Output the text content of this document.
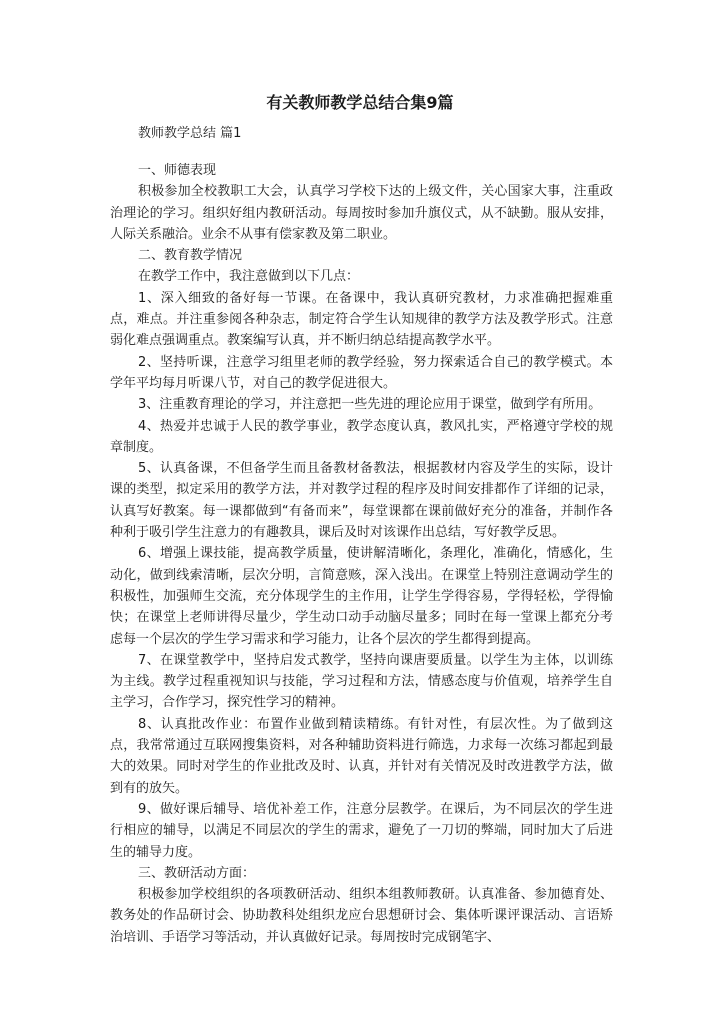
有关教师教学总结合集9篇
教师教学总结 篇1

一、师德表现

积极参加全校教职工大会，认真学习学校下达的上级文件，关心国家大事，注重政治理论的学习。组织好组内教研活动。每周按时参加升旗仪式，从不缺勤。服从安排，人际关系融洽。业余不从事有偿家教及第二职业。

二、教育教学情况

在教学工作中，我注意做到以下几点：

1、深入细致的备好每一节课。在备课中，我认真研究教材，力求准确把握难重点，难点。并注重参阅各种杂志，制定符合学生认知规律的教学方法及教学形式。注意弱化难点强调重点。教案编写认真，并不断归纳总结提高教学水平。

2、坚持听课，注意学习组里老师的教学经验，努力探索适合自己的教学模式。本学年平均每月听课八节，对自己的教学促进很大。

3、注重教育理论的学习，并注意把一些先进的理论应用于课堂，做到学有所用。

4、热爱并忠诚于人民的教学事业，教学态度认真，教风扎实，严格遵守学校的规章制度。

5、认真备课，不但备学生而且备教材备教法，根据教材内容及学生的实际，设计课的类型，拟定采用的教学方法，并对教学过程的程序及时间安排都作了详细的记录，认真写好教案。每一课都做到“有备而来”，每堂课都在课前做好充分的准备，并制作各种利于吸引学生注意力的有趣教具，课后及时对该课作出总结，写好教学反思。

6、增强上课技能，提高教学质量，使讲解清晰化，条理化，准确化，情感化，生动化，做到线索清晰，层次分明，言简意赅，深入浅出。在课堂上特别注意调动学生的积极性，加强师生交流，充分体现学生的主作用，让学生学得容易，学得轻松，学得愉快；在课堂上老师讲得尽量少，学生动口动手动脑尽量多；同时在每一堂课上都充分考虑每一个层次的学生学习需求和学习能力，让各个层次的学生都得到提高。

7、在课堂教学中，坚持启发式教学，坚持向课唐要质量。以学生为主体，以训练为主线。教学过程重视知识与技能，学习过程和方法，情感态度与价值观，培养学生自主学习，合作学习，探究性学习的精神。

8、认真批改作业：布置作业做到精读精练。有针对性，有层次性。为了做到这点，我常常通过互联网搜集资料，对各种辅助资料进行筛选，力求每一次练习都起到最大的效果。同时对学生的作业批改及时、认真，并针对有关情况及时改进教学方法，做到有的放矢。

9、做好课后辅导、培优补差工作，注意分层教学。在课后，为不同层次的学生进行相应的辅导，以满足不同层次的学生的需求，避免了一刀切的弊端，同时加大了后进生的辅导力度。

三、教研活动方面：

积极参加学校组织的各项教研活动、组织本组教师教研。认真准备、参加德育处、教务处的作品研讨会、协助教科处组织龙应台思想研讨会、集体听课评课活动、言语矫治培训、手语学习等活动，并认真做好记录。每周按时完成钢笔字、
